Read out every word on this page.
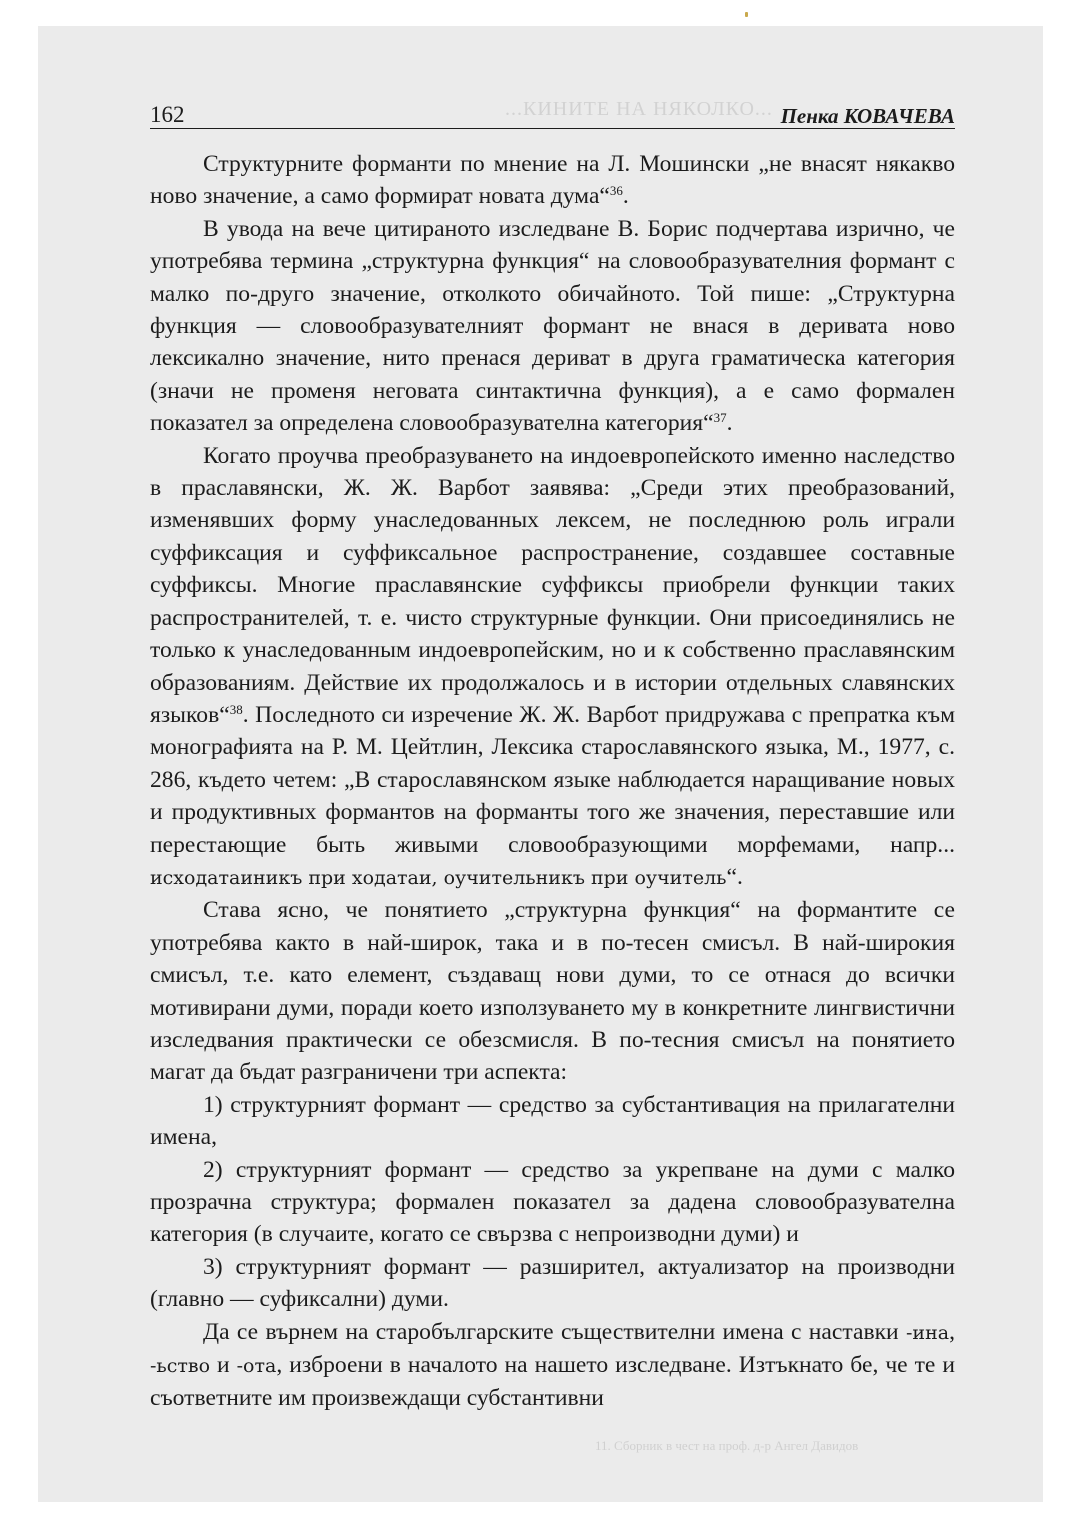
...КИНИТЕ НА НЯКОЛКО...
11. Сборник в чест на проф. д-р Ангел Давидов
162	Пенка КОВАЧЕВА

Структурните форманти по мнение на Л. Мошински „не внасят някакво ново значение, а само формират новата дума“$^{36}$.

В увода на вече цитираното изследване В. Борис подчертава изрично, че употребява термина „структурна функция“ на словообразувателния формант с малко по-друго значение, отколкото обичайното. Той пише: „Структурна функция — словообразувателният формант не внася в деривата ново лексикално значение, нито пренася дериват в друга граматическа категория (значи не променя неговата синтактична функция), а е само формален показател за определена словообразувателна категория“$^{37}$.

Когато проучва преобразуването на индоевропейското именно наследство в праславянски, Ж. Ж. Варбот заявява: „Среди этих преобразований, изменявших форму унаследованных лексем, не последнюю роль играли суффиксация и суффиксальное распространение, создавшее составные суффиксы. Многие праславянские суффиксы приобрели функции таких распространителей, т. е. чисто структурные функции. Они присоединялись не только к унаследованным индоевропейским, но и к собственно праславянским образованиям. Действие их продолжалось и в истории отдельных славянских языков“$^{38}$. Последното си изречение Ж. Ж. Варбот придружава с препратка към монографията на Р. М. Цейтлин, Лексика старославянского языка, М., 1977, с. 286, където четем: „В старославянском языке наблюдается наращивание новых и продуктивных формантов на форманты того же значения, переставшие или перестающие быть живыми словообразующими морфемами, напр... исходатаиникъ при ходатаи, оучительникъ при оучитель“.

Става ясно, че понятието „структурна функция“ на формантите се употребява както в най-широк, така и в по-тесен смисъл. В най-широкия смисъл, т.е. като елемент, създаващ нови думи, то се отнася до всички мотивирани думи, поради което използуването му в конкретните лингвистични изследвания практически се обезсмисля. В по-тесния смисъл на понятието магат да бъдат разграничени три аспекта:

1) структурният формант — средство за субстантивация на прилагателни имена,

2) структурният формант — средство за укрепване на думи с малко прозрачна структура; формален показател за дадена словообразувателна категория (в случаите, когато се свързва с непроизводни думи) и

3) структурният формант — разширител, актуализатор на производни (главно — суфиксални) думи.

Да се върнем на старобългарските съществителни имена с наставки -ина, -ьство и -ота, изброени в началото на нашето изследване. Изтъкнато бе, че те и съответните им произвеждащи субстантивни
